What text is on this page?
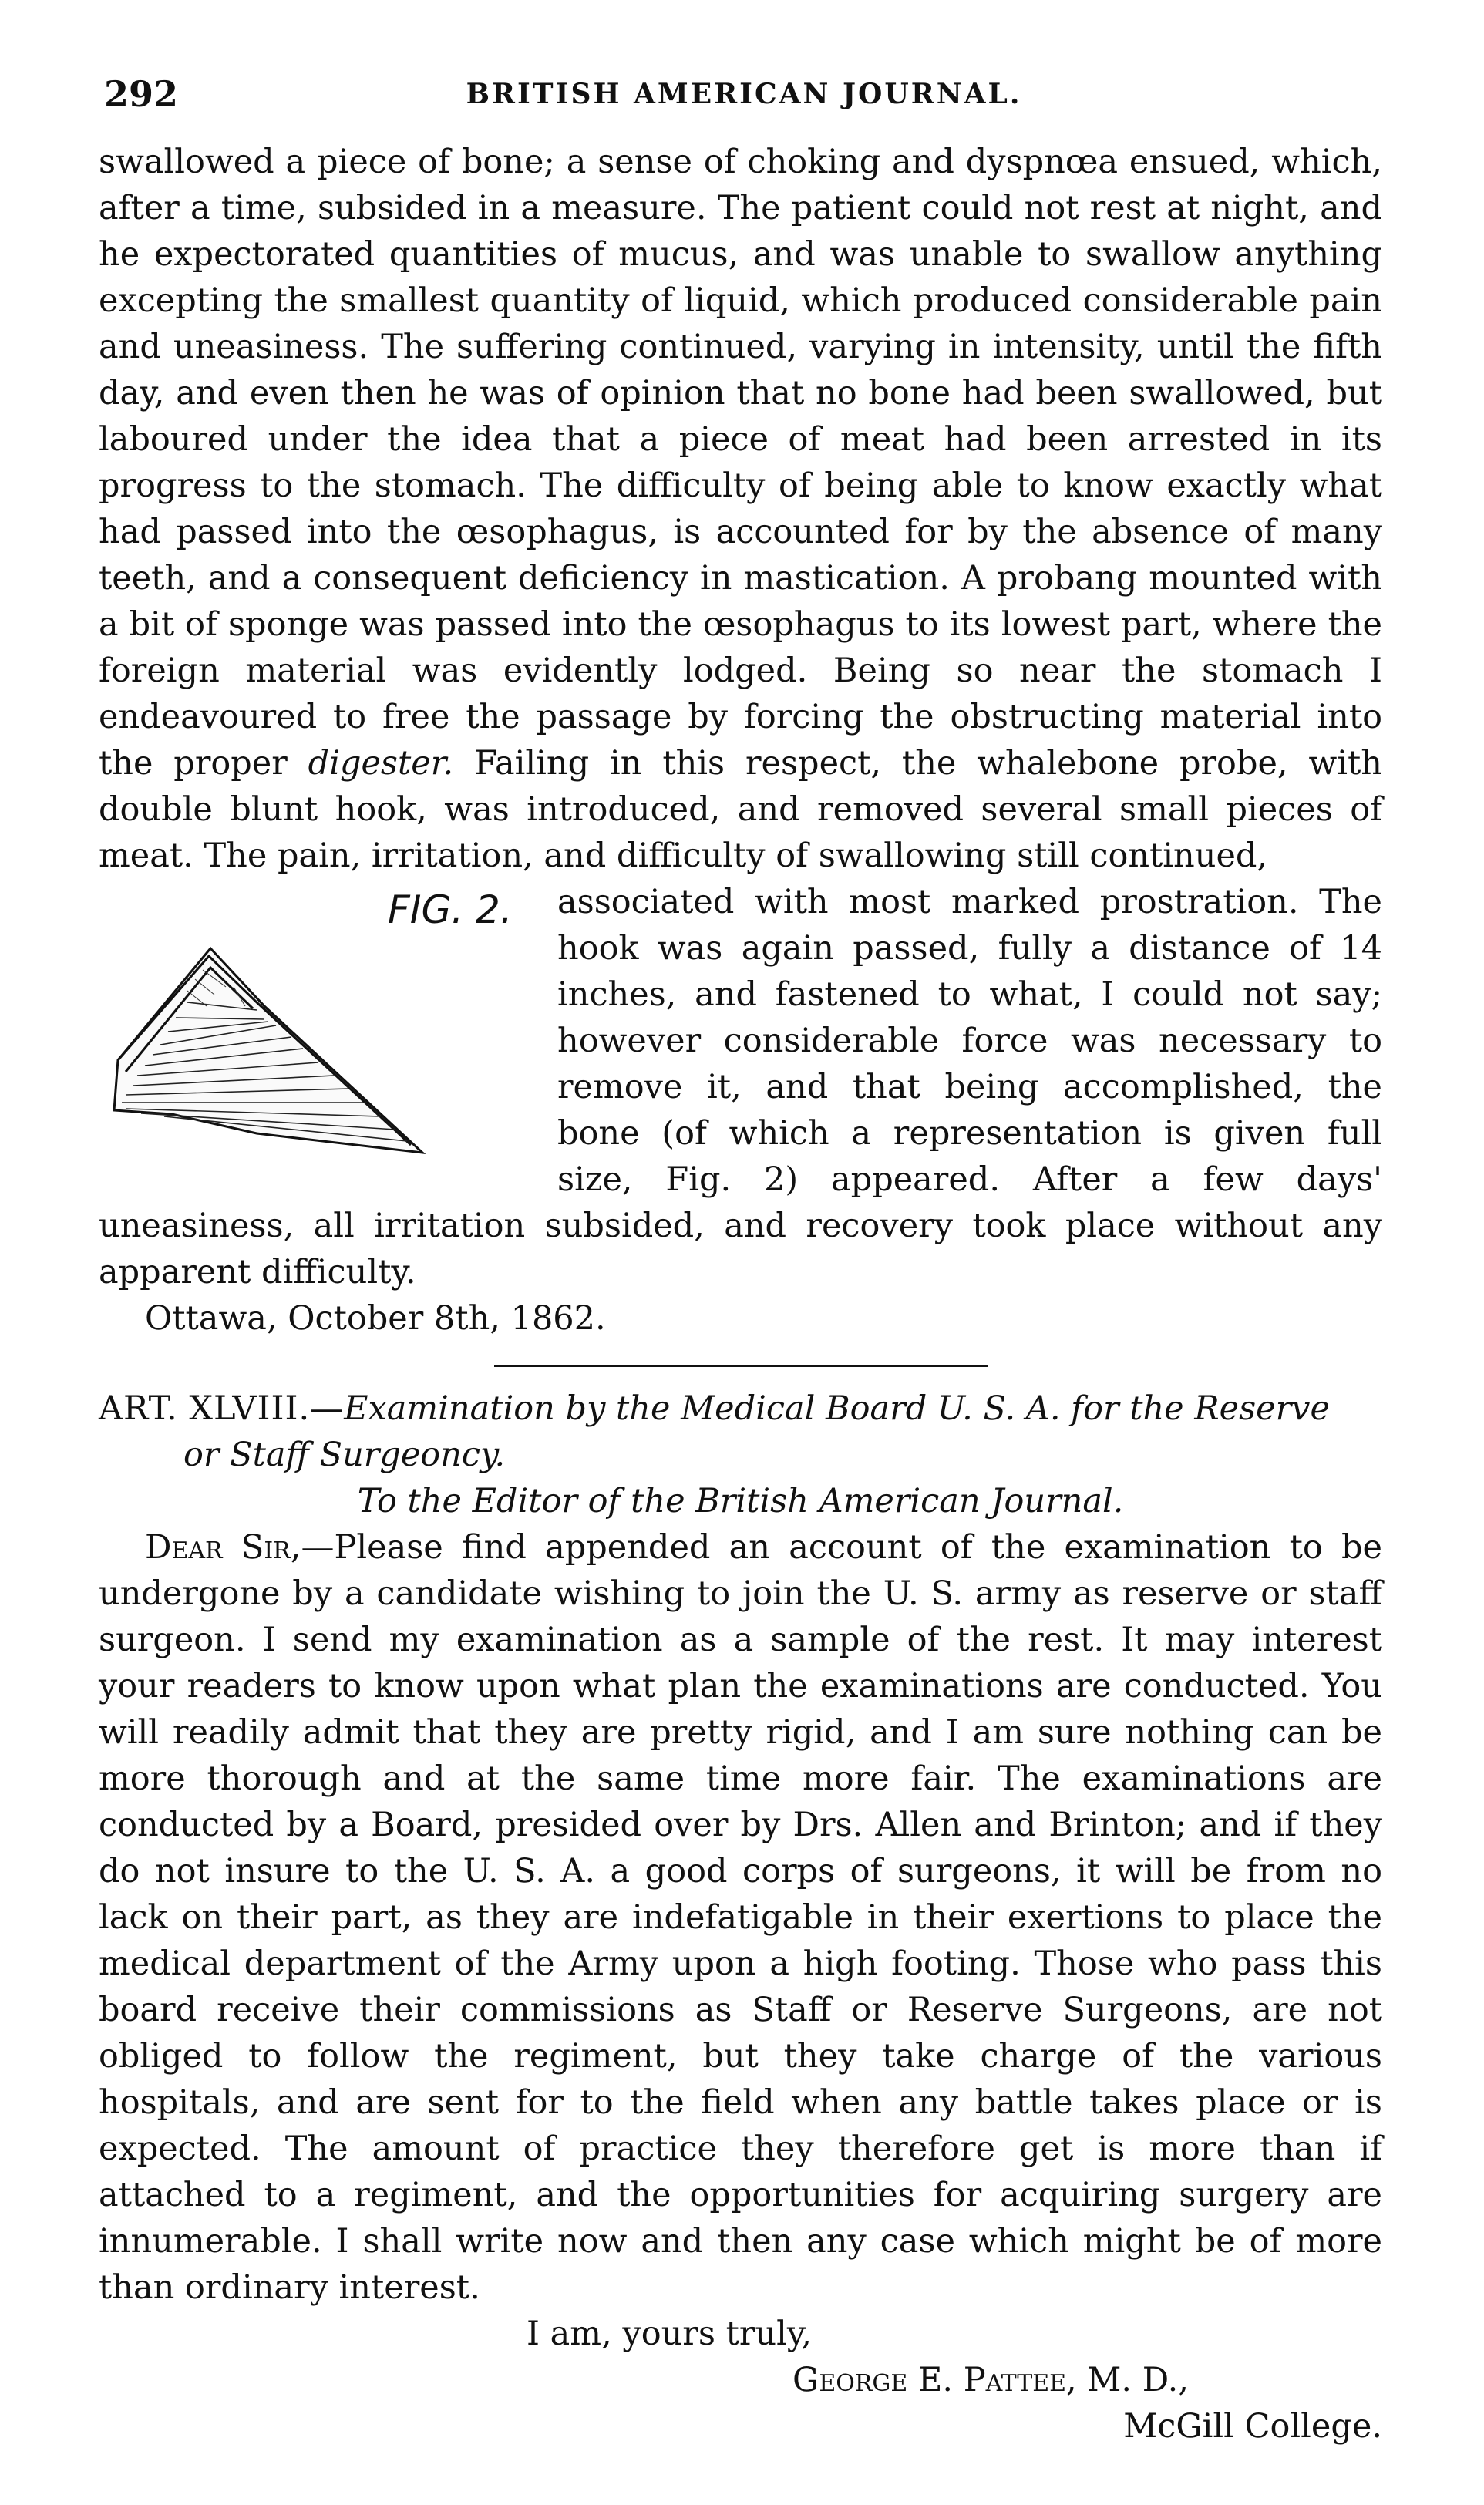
292	BRITISH AMERICAN JOURNAL.

swallowed a piece of bone; a sense of choking and dyspnœa ensued, which, after a time, subsided in a measure. The patient could not rest at night, and he expectorated quantities of mucus, and was unable to swallow anything excepting the smallest quantity of liquid, which produced considerable pain and uneasiness. The suffering continued, varying in intensity, until the fifth day, and even then he was of opinion that no bone had been swallowed, but laboured under the idea that a piece of meat had been arrested in its progress to the stomach. The difficulty of being able to know exactly what had passed into the œsophagus, is accounted for by the absence of many teeth, and a consequent deficiency in mastication. A probang mounted with a bit of sponge was passed into the œsophagus to its lowest part, where the foreign material was evidently lodged. Being so near the stomach I endeavoured to free the passage by forcing the obstructing material into the proper digester. Failing in this respect, the whalebone probe, with double blunt hook, was introduced, and removed several small pieces of meat. The pain, irritation, and difficulty of swallowing still continued,

FIG. 2.	associated with most marked prostration. The hook was again passed, fully a distance of 14 inches, and fastened to what, I could not say; however considerable force was necessary to remove it, and that being accomplished, the bone (of which a representation is given full size, Fig. 2) appeared. After a few days' uneasiness, all irritation subsided, and recovery took place without any apparent difficulty.

Ottawa, October 8th, 1862.

ART. XLVIII.—Examination by the Medical Board U. S. A. for the Reserve

or Staff Surgeoncy.

To the Editor of the British American Journal.

Dear Sir,—Please find appended an account of the examination to be undergone by a candidate wishing to join the U. S. army as reserve or staff surgeon. I send my examination as a sample of the rest. It may interest your readers to know upon what plan the examinations are conducted. You will readily admit that they are pretty rigid, and I am sure nothing can be more thorough and at the same time more fair. The examinations are conducted by a Board, presided over by Drs. Allen and Brinton; and if they do not insure to the U. S. A. a good corps of surgeons, it will be from no lack on their part, as they are indefatigable in their exertions to place the medical department of the Army upon a high footing. Those who pass this board receive their commissions as Staff or Reserve Surgeons, are not obliged to follow the regiment, but they take charge of the various hospitals, and are sent for to the field when any battle takes place or is expected. The amount of practice they therefore get is more than if attached to a regiment, and the opportunities for acquiring surgery are innumerable. I shall write now and then any case which might be of more than ordinary interest.

I am, yours truly,

George E. Pattee, M. D.,

McGill College.
